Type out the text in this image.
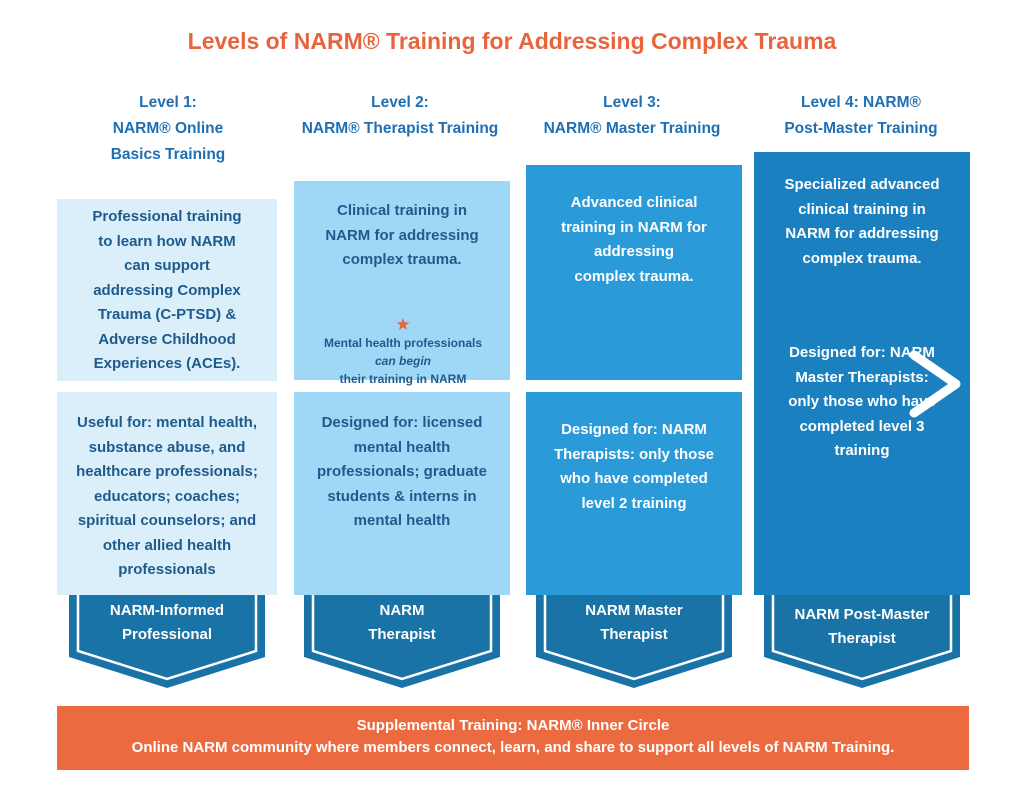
Levels of NARM® Training for Addressing Complex Trauma
Level 1:
NARM® Online
Basics Training
Level 2:
NARM® Therapist Training
Level 3:
NARM® Master Training
Level 4: NARM®
Post-Master Training

Professional training

to learn how NARM

can support

addressing Complex

Trauma (C-PTSD) &

Adverse Childhood

Experiences (ACEs).

Useful for: mental health,

substance abuse, and

healthcare professionals;

educators; coaches;

spiritual counselors; and

other allied health

professionals

Clinical training in

NARM for addressing

complex trauma.

★
Mental health professionals
can begin
their training in NARM

Designed for: licensed

mental health

professionals; graduate

students & interns in

mental health

Advanced clinical

training in NARM for

addressing

complex trauma.

Designed for: NARM

Therapists: only those

who have completed

level 2 training

Specialized advanced

clinical training in

NARM for addressing

complex trauma.

Designed for: NARM

Master Therapists:

only those who have

completed level 3

training

NARM-Informed
Professional
NARM
Therapist
NARM Master
Therapist
NARM Post-Master
Therapist
Supplemental Training: NARM® Inner Circle
Online NARM community where members connect, learn, and share to support all levels of NARM Training.
